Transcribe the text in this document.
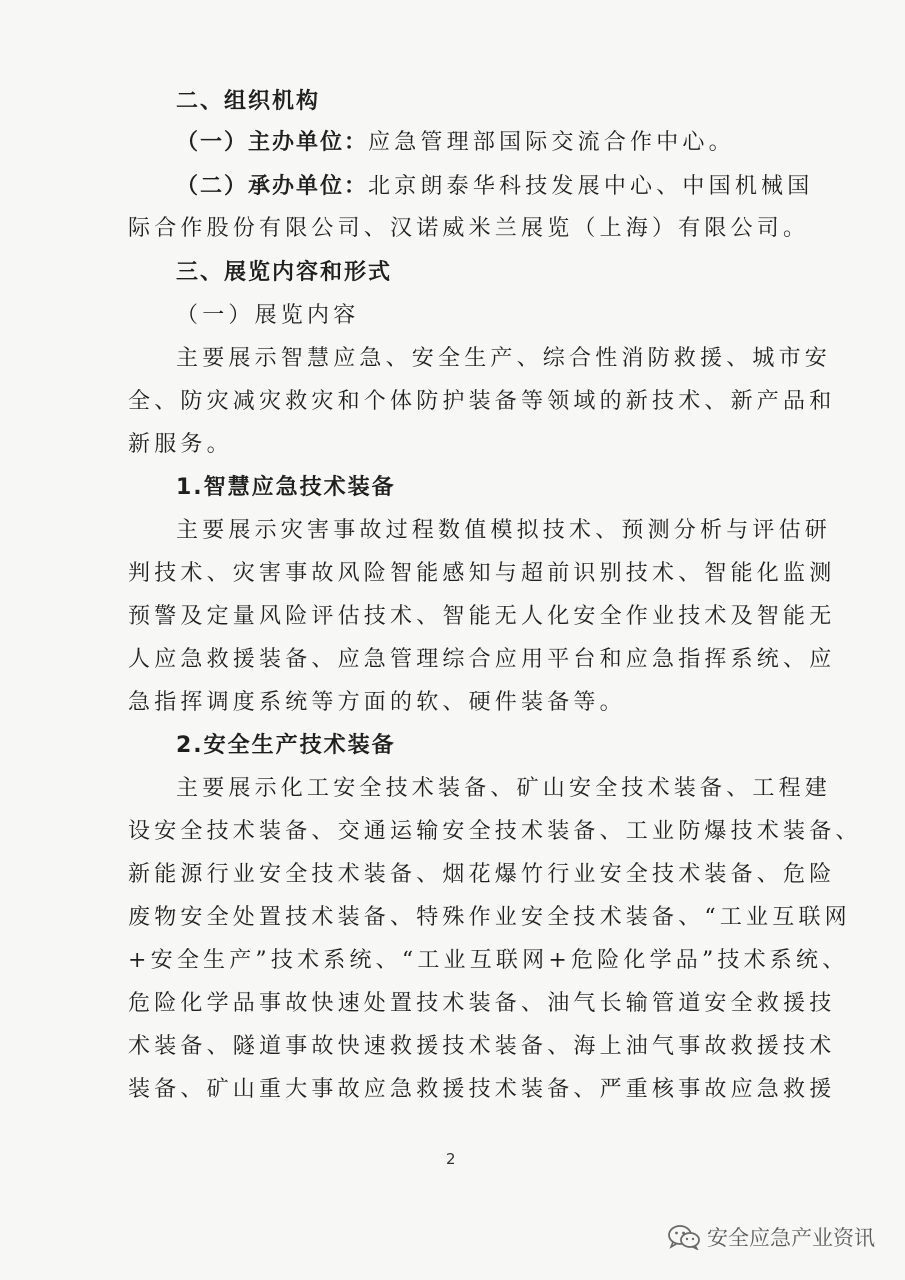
二、组织机构
（一）主办单位：应急管理部国际交流合作中心。
（二）承办单位：北京朗泰华科技发展中心、中国机械国
际合作股份有限公司、汉诺威米兰展览（上海）有限公司。
三、展览内容和形式
（一）展览内容
主要展示智慧应急、安全生产、综合性消防救援、城市安
全、防灾减灾救灾和个体防护装备等领域的新技术、新产品和
新服务。
1.智慧应急技术装备
主要展示灾害事故过程数值模拟技术、预测分析与评估研
判技术、灾害事故风险智能感知与超前识别技术、智能化监测
预警及定量风险评估技术、智能无人化安全作业技术及智能无
人应急救援装备、应急管理综合应用平台和应急指挥系统、应
急指挥调度系统等方面的软、硬件装备等。
2.安全生产技术装备
主要展示化工安全技术装备、矿山安全技术装备、工程建
设安全技术装备、交通运输安全技术装备、工业防爆技术装备、
新能源行业安全技术装备、烟花爆竹行业安全技术装备、危险
废物安全处置技术装备、特殊作业安全技术装备、“工业互联网
+安全生产”技术系统、“工业互联网+危险化学品”技术系统、
危险化学品事故快速处置技术装备、油气长输管道安全救援技
术装备、隧道事故快速救援技术装备、海上油气事故救援技术
装备、矿山重大事故应急救援技术装备、严重核事故应急救援
2
安全应急产业资讯
